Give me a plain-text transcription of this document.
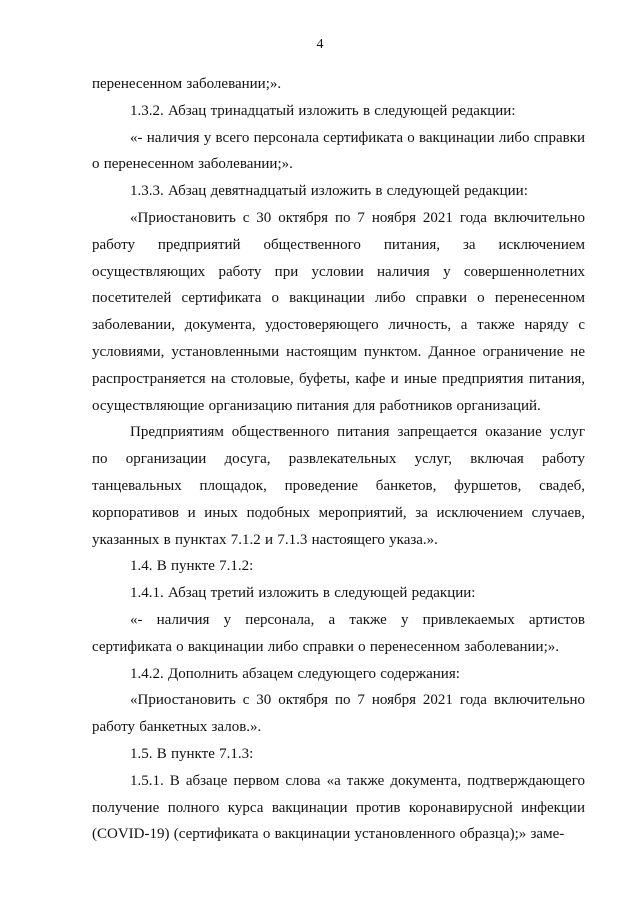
4

перенесенном заболевании;».

1.3.2. Абзац тринадцатый изложить в следующей редакции:

«- наличия у всего персонала сертификата о вакцинации либо справки о перенесенном заболевании;».

1.3.3. Абзац девятнадцатый изложить в следующей редакции:

«Приостановить с 30 октября по 7 ноября 2021 года включительно работу предприятий общественного питания, за исключением осуществляющих работу при условии наличия у совершеннолетних посетителей сертификата о вакцинации либо справки о перенесенном заболевании, документа, удостоверяющего личность, а также наряду с условиями, установленными настоящим пунктом. Данное ограничение не распространяется на столовые, буфеты, кафе и иные предприятия питания, осуществляющие организацию питания для работников организаций.

Предприятиям общественного питания запрещается оказание услуг по организации досуга, развлекательных услуг, включая работу танцевальных площадок, проведение банкетов, фуршетов, свадеб, корпоративов и иных подобных мероприятий, за исключением случаев, указанных в пунктах 7.1.2 и 7.1.3 настоящего указа.».

1.4. В пункте 7.1.2:

1.4.1. Абзац третий изложить в следующей редакции:

«- наличия у персонала, а также у привлекаемых артистов сертификата о вакцинации либо справки о перенесенном заболевании;».

1.4.2. Дополнить абзацем следующего содержания:

«Приостановить с 30 октября по 7 ноября 2021 года включительно работу банкетных залов.».

1.5. В пункте 7.1.3:

1.5.1. В абзаце первом слова «а также документа, подтверждающего получение полного курса вакцинации против коронавирусной инфекции (COVID-19) (сертификата о вакцинации установленного образца);» заме-
